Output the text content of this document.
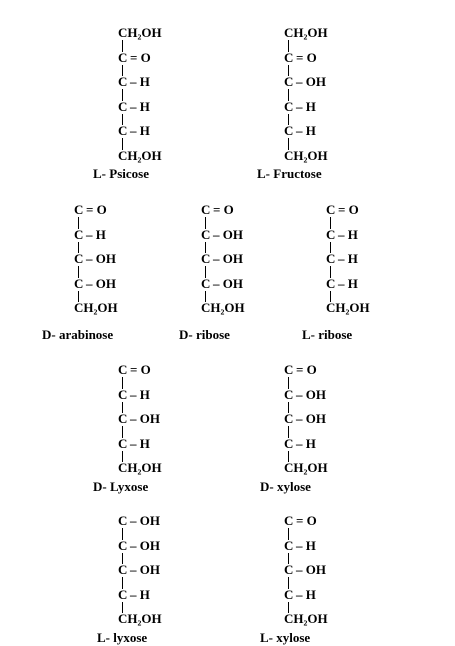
CH₂OH
C = O
C – H
C – H
C – H
CH₂OH
L- Psicose
CH₂OH
C = O
C – OH
C – H
C – H
CH₂OH
L- Fructose
C = O
C – H
C – OH
C – OH
CH₂OH
D- arabinose
C = O
C – OH
C – OH
C – OH
CH₂OH
D- ribose
C = O
C – H
C – H
C – H
CH₂OH
L- ribose
C = O
C – H
C – OH
C – H
CH₂OH
D- Lyxose
C = O
C – OH
C – OH
C – H
CH₂OH
D- xylose
C – OH
C – OH
C – OH
C – H
CH₂OH
L- lyxose
C = O
C – H
C – OH
C – H
CH₂OH
L- xylose
